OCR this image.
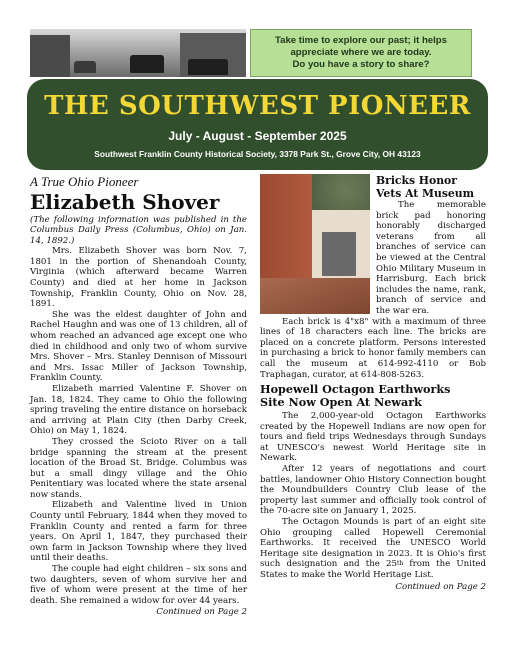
Take time to explore our past; it helps
appreciate where we are today.
Do you have a story to share?
THE SOUTHWEST PIONEER
July - August - September 2025
Southwest Franklin County Historical Society, 3378 Park St., Grove City, OH 43123
A True Ohio Pioneer
Elizabeth Shover
(The following information was published in the Columbus Daily Press (Columbus, Ohio) on Jan. 14, 1892.)

Mrs. Elizabeth Shover was born Nov. 7, 1801 in the portion of Shenandoah County, Virginia (which afterward became Warren County) and died at her home in Jackson Township, Franklin County, Ohio on Nov. 28, 1891.

She was the eldest daughter of John and Rachel Haughn and was one of 13 children, all of whom reached an advanced age except one who died in childhood and only two of whom survive Mrs. Shover – Mrs. Stanley Dennison of Missouri and Mrs. Issac Miller of Jackson Township, Franklin County.

Elizabeth married Valentine F. Shover on Jan. 18, 1824. They came to Ohio the following spring traveling the entire distance on horseback and arriving at Plain City (then Darby Creek, Ohio) on May 1, 1824.

They crossed the Scioto River on a tall bridge spanning the stream at the present location of the Broad St. Bridge. Columbus was but a small dingy village and the Ohio Penitentiary was located where the state arsenal now stands.

Elizabeth and Valentine lived in Union County until February, 1844 when they moved to Franklin County and rented a farm for three years. On April 1, 1847, they purchased their own farm in Jackson Township where they lived until their deaths.

The couple had eight children – six sons and two daughters, seven of whom survive her and five of whom were present at the time of her death. She remained a widow for over 44 years.

Continued on Page 2
Bricks Honor
Vets At Museum

The memorable brick pad honoring honorably discharged veterans from all branches of service can be viewed at the Central Ohio Military Museum in Harrisburg. Each brick includes the name, rank, branch of service and the war era.

Each brick is 4"x8" with a maximum of three lines of 18 characters each line. The bricks are placed on a concrete platform. Persons interested in purchasing a brick to honor family members can call the museum at 614-992-4110 or Bob Traphagan, curator, at 614-808-5263.

Hopewell Octagon Earthworks
Site Now Open At Newark

The 2,000-year-old Octagon Earthworks created by the Hopewell Indians are now open for tours and field trips Wednesdays through Sundays at UNESCO's newest World Heritage site in Newark.

After 12 years of negotiations and court battles, landowner Ohio History Connection bought the Moundbuilders Country Club lease of the property last summer and officially took control of the 70-acre site on January 1, 2025.

The Octagon Mounds is part of an eight site Ohio grouping called Hopewell Ceremonial Earthworks. It received the UNESCO World Heritage site designation in 2023. It is Ohio's first such designation and the 25th from the United States to make the World Heritage List.

Continued on Page 2
